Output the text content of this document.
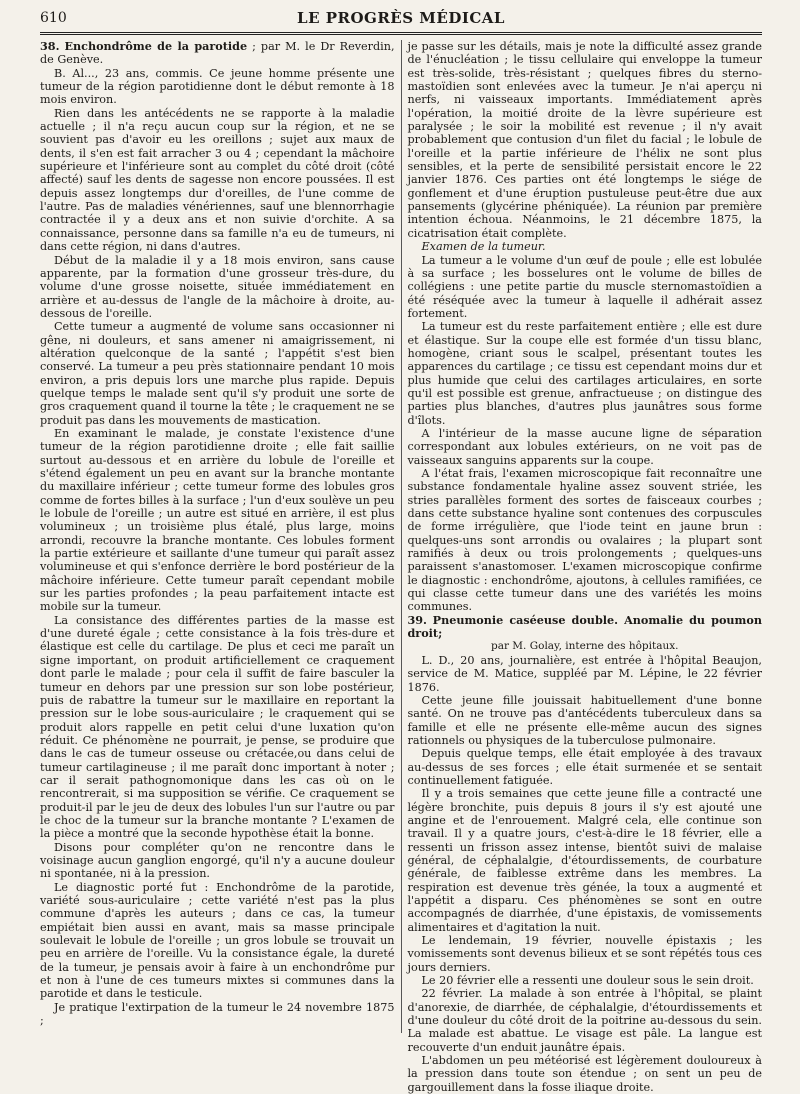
610	LE PROGRÈS MÉDICAL

38. Enchondrôme de la parotide ; par M. le Dr Reverdin, de Genève.

B. Al..., 23 ans, commis. Ce jeune homme présente une tumeur de la région parotidienne dont le début remonte à 18 mois environ.

Rien dans les antécédents ne se rapporte à la maladie actuelle ; il n'a reçu aucun coup sur la région, et ne se souvient pas d'avoir eu les oreillons ; sujet aux maux de dents, il s'en est fait arracher 3 ou 4 ; cependant la mâchoire supérieure et l'inférieure sont au complet du côté droit (côté affecté) sauf les dents de sagesse non encore poussées. Il est depuis assez longtemps dur d'oreilles, de l'une comme de l'autre. Pas de maladies vénériennes, sauf une blennorrhagie contractée il y a deux ans et non suivie d'orchite. A sa connaissance, personne dans sa famille n'a eu de tumeurs, ni dans cette région, ni dans d'autres.

Début de la maladie il y a 18 mois environ, sans cause apparente, par la formation d'une grosseur très-dure, du volume d'une grosse noisette, située immédiatement en arrière et au-dessus de l'angle de la mâchoire à droite, au-dessous de l'oreille.

Cette tumeur a augmenté de volume sans occasionner ni gêne, ni douleurs, et sans amener ni amaigrissement, ni altération quelconque de la santé ; l'appétit s'est bien conservé. La tumeur a peu près stationnaire pendant 10 mois environ, a pris depuis lors une marche plus rapide. Depuis quelque temps le malade sent qu'il s'y produit une sorte de gros craquement quand il tourne la tête ; le craquement ne se produit pas dans les mouvements de mastication.

En examinant le malade, je constate l'existence d'une tumeur de la région parotidienne droite ; elle fait saillie surtout au-dessous et en arrière du lobule de l'oreille et s'étend également un peu en avant sur la branche montante du maxillaire inférieur ; cette tumeur forme des lobules gros comme de fortes billes à la surface ; l'un d'eux soulève un peu le lobule de l'oreille ; un autre est situé en arrière, il est plus volumineux ; un troisième plus étalé, plus large, moins arrondi, recouvre la branche montante. Ces lobules forment la partie extérieure et saillante d'une tumeur qui paraît assez volumineuse et qui s'enfonce derrière le bord postérieur de la mâchoire inférieure. Cette tumeur paraît cependant mobile sur les parties profondes ; la peau parfaitement intacte est mobile sur la tumeur.

La consistance des différentes parties de la masse est d'une dureté égale ; cette consistance à la fois très-dure et élastique est celle du cartilage. De plus et ceci me paraît un signe important, on produit artificiellement ce craquement dont parle le malade ; pour cela il suffit de faire basculer la tumeur en dehors par une pression sur son lobe postérieur, puis de rabattre la tumeur sur le maxillaire en reportant la pression sur le lobe sous-auriculaire ; le craquement qui se produit alors rappelle en petit celui d'une luxation qu'on réduit. Ce phénomène ne pourrait, je pense, se produire que dans le cas de tumeur osseuse ou crétacée,ou dans celui de tumeur cartilagineuse ; il me paraît donc important à noter ; car il serait pathognomonique dans les cas où on le rencontrerait, si ma supposition se vérifie. Ce craquement se produit-il par le jeu de deux des lobules l'un sur l'autre ou par le choc de la tumeur sur la branche montante ? L'examen de la pièce a montré que la seconde hypothèse était la bonne.

Disons pour compléter qu'on ne rencontre dans le voisinage aucun ganglion engorgé, qu'il n'y a aucune douleur ni spontanée, ni à la pression.

Le diagnostic porté fut : Enchondrôme de la parotide, variété sous-auriculaire ; cette variété n'est pas la plus commune d'après les auteurs ; dans ce cas, la tumeur empiétait bien aussi en avant, mais sa masse principale soulevait le lobule de l'oreille ; un gros lobule se trouvait un peu en arrière de l'oreille. Vu la consistance égale, la dureté de la tumeur, je pensais avoir à faire à un enchondrôme pur et non à l'une de ces tumeurs mixtes si communes dans la parotide et dans le testicule.

Je pratique l'extirpation de la tumeur le 24 novembre 1875 ;

je passe sur les détails, mais je note la difficulté assez grande de l'énucléation ; le tissu cellulaire qui enveloppe la tumeur est très-solide, très-résistant ; quelques fibres du sterno-mastoïdien sont enlevées avec la tumeur. Je n'ai aperçu ni nerfs, ni vaisseaux importants. Immédiatement après l'opération, la moitié droite de la lèvre supérieure est paralysée ; le soir la mobilité est revenue ; il n'y avait probablement que contusion d'un filet du facial ; le lobule de l'oreille et la partie inférieure de l'hélix ne sont plus sensibles, et la perte de sensibilité persistait encore le 22 janvier 1876. Ces parties ont été longtemps le siége de gonflement et d'une éruption pustuleuse peut-être due aux pansements (glycérine phéniquée). La réunion par première intention échoua. Néanmoins, le 21 décembre 1875, la cicatrisation était complète.

Examen de la tumeur.

La tumeur a le volume d'un œuf de poule ; elle est lobulée à sa surface ; les bosselures ont le volume de billes de collégiens : une petite partie du muscle sternomastoïdien a été réséquée avec la tumeur à laquelle il adhérait assez fortement.

La tumeur est du reste parfaitement entière ; elle est dure et élastique. Sur la coupe elle est formée d'un tissu blanc, homogène, criant sous le scalpel, présentant toutes les apparences du cartilage ; ce tissu est cependant moins dur et plus humide que celui des cartilages articulaires, en sorte qu'il est possible est grenue, anfractueuse ; on distingue des parties plus blanches, d'autres plus jaunâtres sous forme d'îlots.

A l'intérieur de la masse aucune ligne de séparation correspondant aux lobules extérieurs, on ne voit pas de vaisseaux sanguins apparents sur la coupe.

A l'état frais, l'examen microscopique fait reconnaître une substance fondamentale hyaline assez souvent striée, les stries parallèles forment des sortes de faisceaux courbes ; dans cette substance hyaline sont contenues des corpuscules de forme irrégulière, que l'iode teint en jaune brun : quelques-uns sont arrondis ou ovalaires ; la plupart sont ramifiés à deux ou trois prolongements ; quelques-uns paraissent s'anastomoser. L'examen microscopique confirme le diagnostic : enchondrôme, ajoutons, à cellules ramifiées, ce qui classe cette tumeur dans une des variétés les moins communes.

39. Pneumonie caséeuse double. Anomalie du poumon droit;

par M. Golay, interne des hôpitaux.

L. D., 20 ans, journalière, est entrée à l'hôpital Beaujon, service de M. Matice, suppléé par M. Lépine, le 22 février 1876.

Cette jeune fille jouissait habituellement d'une bonne santé. On ne trouve pas d'antécédents tuberculeux dans sa famille et elle ne présente elle-même aucun des signes rationnels ou physiques de la tuberculose pulmonaire.

Depuis quelque temps, elle était employée à des travaux au-dessus de ses forces ; elle était surmenée et se sentait continuellement fatiguée.

Il y a trois semaines que cette jeune fille a contracté une légère bronchite, puis depuis 8 jours il s'y est ajouté une angine et de l'enrouement. Malgré cela, elle continue son travail. Il y a quatre jours, c'est-à-dire le 18 février, elle a ressenti un frisson assez intense, bientôt suivi de malaise général, de céphalalgie, d'étourdissements, de courbature générale, de faiblesse extrême dans les membres. La respiration est devenue très génée, la toux a augmenté et l'appétit a disparu. Ces phénomènes se sont en outre accompagnés de diarrhée, d'une épistaxis, de vomissements alimentaires et d'agitation la nuit.

Le lendemain, 19 février, nouvelle épistaxis ; les vomissements sont devenus bilieux et se sont répétés tous ces jours derniers.

Le 20 février elle a ressenti une douleur sous le sein droit.

22 février. La malade à son entrée à l'hôpital, se plaint d'anorexie, de diarrhée, de céphalalgie, d'étourdissements et d'une douleur du côté droit de la poitrine au-dessous du sein. La malade est abattue. Le visage est pâle. La langue est recouverte d'un enduit jaunâtre épais.

L'abdomen un peu météorisé est légèrement douloureux à la pression dans toute son étendue ; on sent un peu de gargouillement dans la fosse iliaque droite.
